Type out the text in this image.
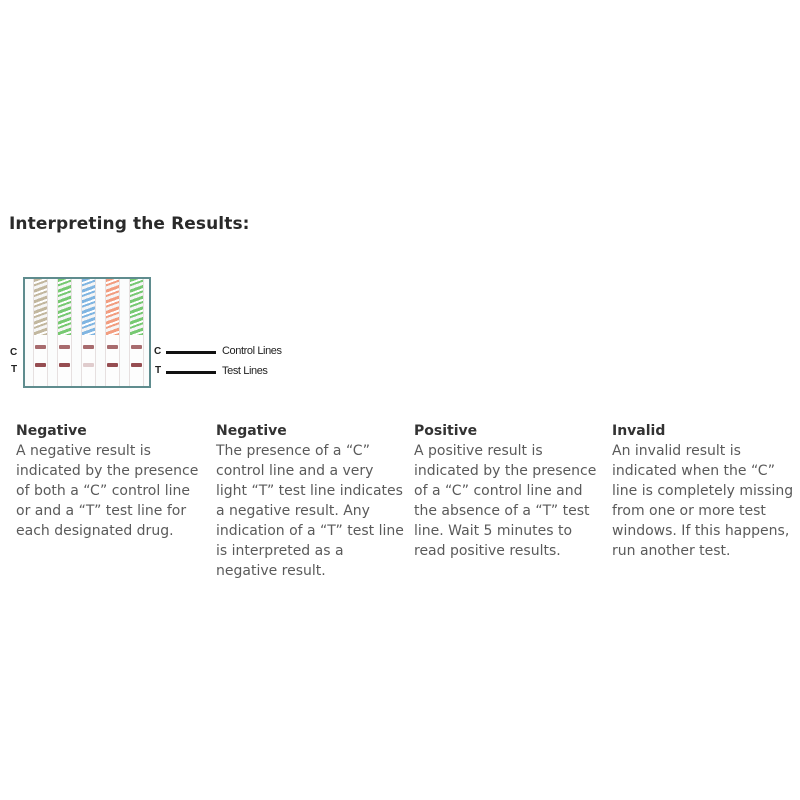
Interpreting the Results:
C
T
C
T
Control Lines
Test Lines
Negative

A negative result is
indicated by the presence
of both a “C” control line
or and a “T” test line for
each designated drug.

Negative

The presence of a “C”
control line and a very
light “T” test line indicates
a negative result. Any
indication of a “T” test line
is interpreted as a
negative result.

Positive

A positive result is
indicated by the presence
of a “C” control line and
the absence of a “T” test
line. Wait 5 minutes to
read positive results.

Invalid

An invalid result is
indicated when the “C”
line is completely missing
from one or more test
windows. If this happens,
run another test.
